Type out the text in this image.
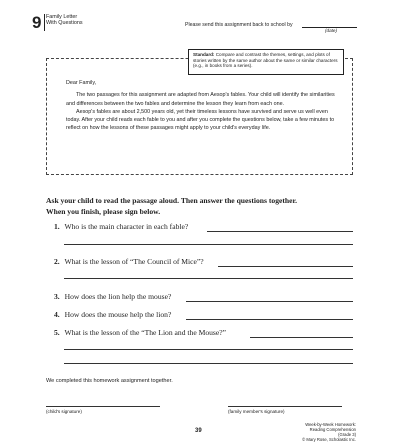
9 Family Letter
With Questions	Please send this assignment back to school by
(date)
Standard: Compare and contrast the themes, settings, and plots of stories written by the same author about the same or similar characters (e.g., in books from a series).

Dear Family,

The two passages for this assignment are adapted from Aesop's fables. Your child will identify the similarities and differences between the two fables and determine the lesson they learn from each one.

Aesop's fables are about 2,500 years old, yet their timeless lessons have survived and serve us well even today. After your child reads each fable to you and after you complete the questions below, take a few minutes to reflect on how the lessons of these passages might apply to your child's everyday life.

Ask your child to read the passage aloud. Then answer the questions together.
When you finish, please sign below.
1. Who is the main character in each fable?
2. What is the lesson of “The Council of Mice”?
3. How does the lion help the mouse?
4. How does the mouse help the lion?
5. What is the lesson of the “The Lion and the Mouse?”
We completed this homework assignment together.
(child's signature)	(family member's signature)
39
Week-by-Week Homework: Reading Comprehension (Grade 3)
© Mary Rose, Scholastic Inc.
